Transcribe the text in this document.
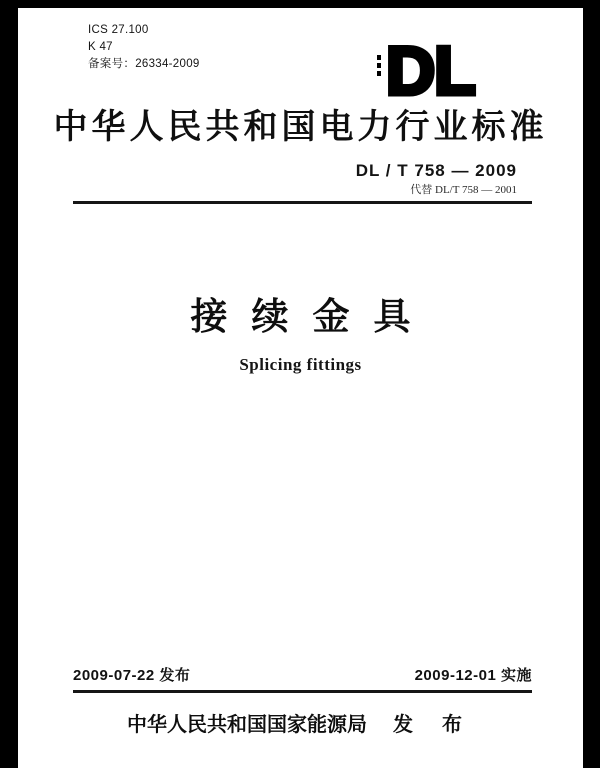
ICS 27.100
K 47
备案号：26334-2009	DL
中华人民共和国电力行业标准
DL / T 758 — 2009
代替 DL/T 758 — 2001
接续金具
Splicing fittings
2009-07-22 发布	2009-12-01 实施
中华人民共和国国家能源局 发 布
